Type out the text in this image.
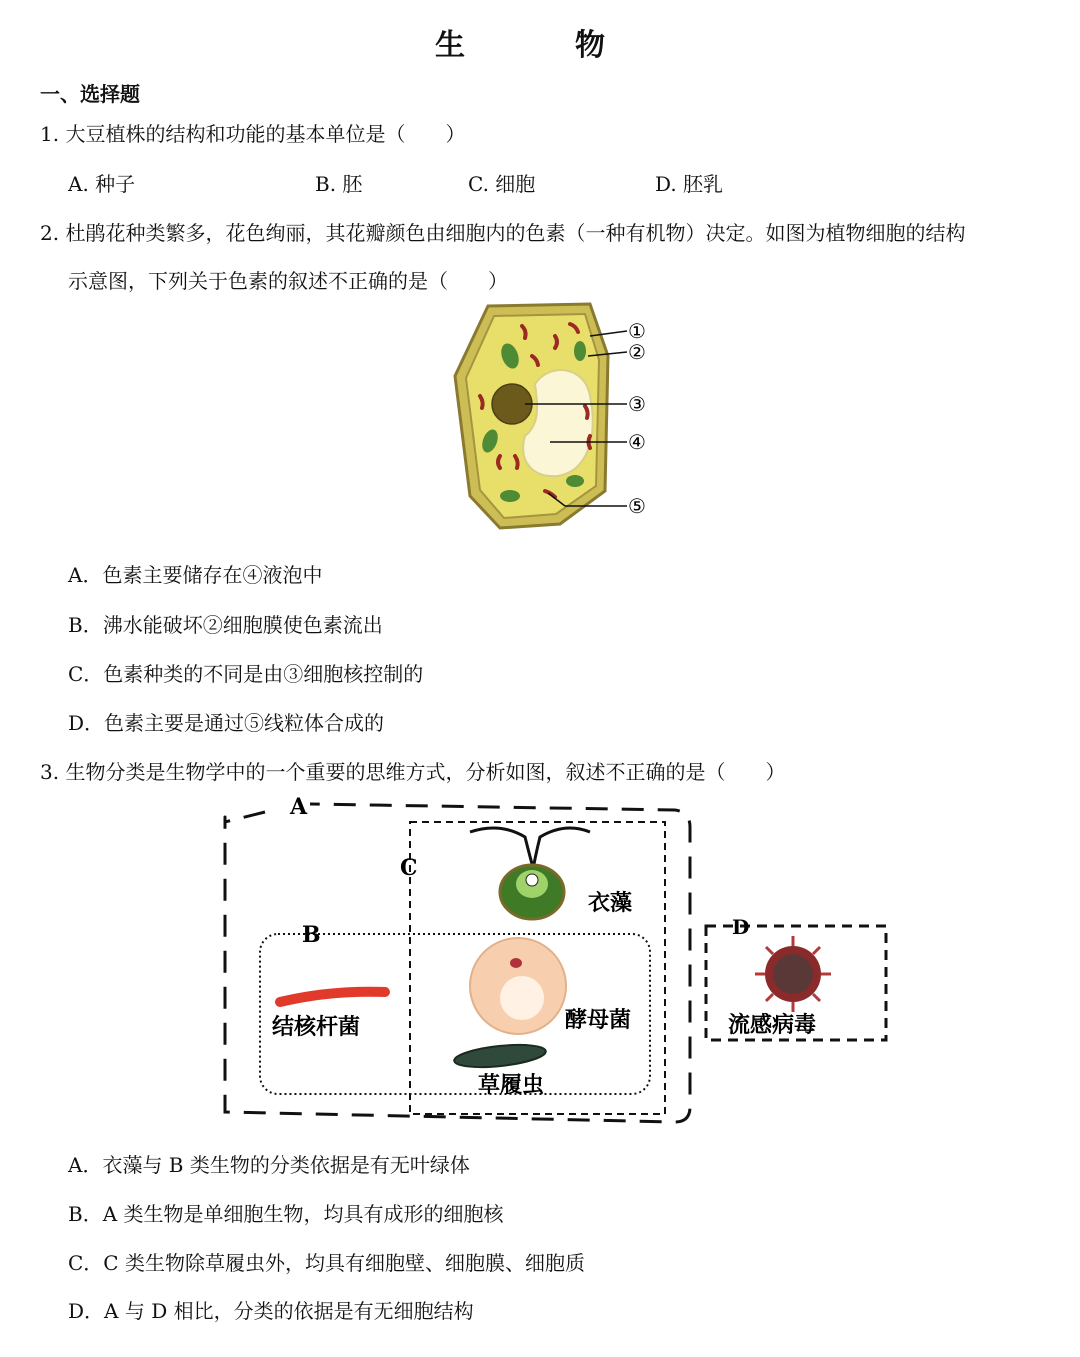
生　物
一、选择题
1. 大豆植株的结构和功能的基本单位是（　　）
A. 种子	B. 胚	C. 细胞	D. 胚乳
2. 杜鹃花种类繁多，花色绚丽，其花瓣颜色由细胞内的色素（一种有机物）决定。如图为植物细胞的结构
示意图，下列关于色素的叙述不正确的是（　　）
①
②
③
④
⑤
A．色素主要储存在④液泡中
B．沸水能破坏②细胞膜使色素流出
C．色素种类的不同是由③细胞核控制的
D．色素主要是通过⑤线粒体合成的
3. 生物分类是生物学中的一个重要的思维方式，分析如图，叙述不正确的是（　　）
A
C
B	D
衣藻
结核杆菌	酵母菌
草履虫
流感病毒
A．衣藻与 B 类生物的分类依据是有无叶绿体
B．A 类生物是单细胞生物，均具有成形的细胞核
C．C 类生物除草履虫外，均具有细胞壁、细胞膜、细胞质
D．A 与 D 相比，分类的依据是有无细胞结构
